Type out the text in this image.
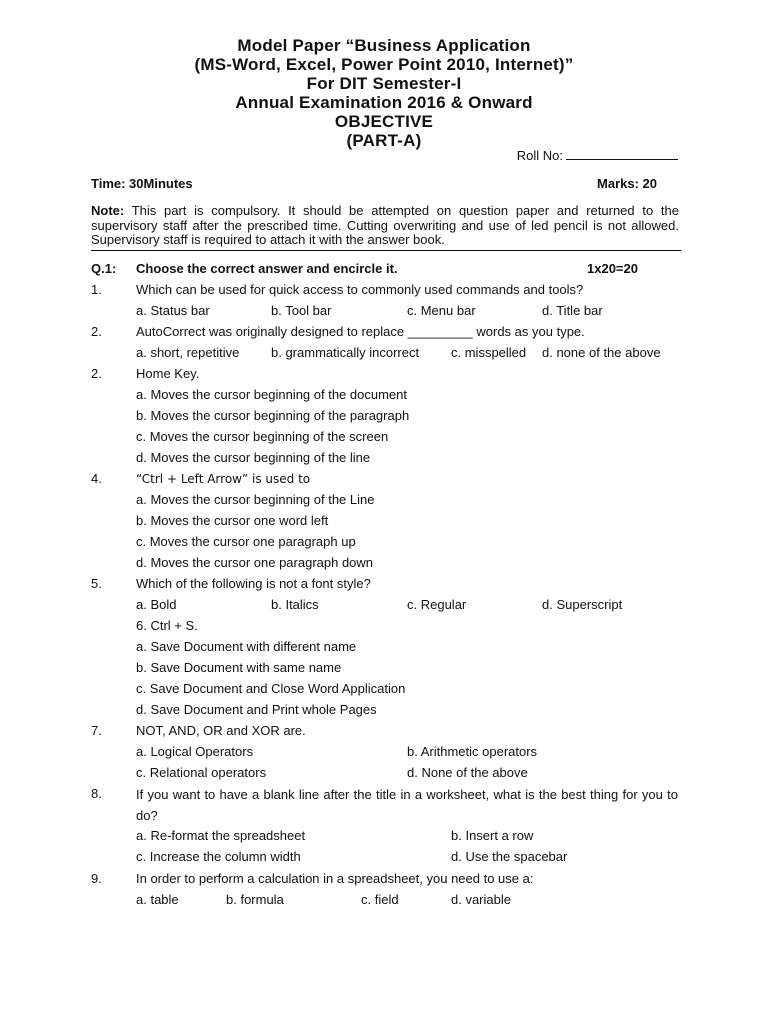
Model Paper “Business Application
(MS-Word, Excel, Power Point 2010, Internet)”
For DIT Semester-I
Annual Examination 2016 & Onward
OBJECTIVE
(PART-A)
Roll No:
Time: 30Minutes	Marks: 20
Note: This part is compulsory. It should be attempted on question paper and returned to the supervisory staff after the prescribed time. Cutting overwriting and use of led pencil is not allowed. Supervisory staff is required to attach it with the answer book.
Q.1: Choose the correct answer and encircle it.	1x20=20
1.	Which can be used for quick access to commonly used commands and tools?
a. Status bar	b. Tool bar	c. Menu bar	d. Title bar
2.	AutoCorrect was originally designed to replace _________ words as you type.
a. short, repetitive b. grammatically incorrect c. misspelled d. none of the above
2.	Home Key.
a. Moves the cursor beginning of the document
b. Moves the cursor beginning of the paragraph
c. Moves the cursor beginning of the screen
d. Moves the cursor beginning of the line
4.	“Ctrl + Left Arrow” is used to
a. Moves the cursor beginning of the Line
b. Moves the cursor one word left
c. Moves the cursor one paragraph up
d. Moves the cursor one paragraph down
5.	Which of the following is not a font style?
a. Bold	b. Italics	c. Regular	d. Superscript
6. Ctrl + S.
a. Save Document with different name
b. Save Document with same name
c. Save Document and Close Word Application
d. Save Document and Print whole Pages
7.	NOT, AND, OR and XOR are.
a. Logical Operators	b. Arithmetic operators
c. Relational operators	d. None of the above
8.	If you want to have a blank line after the title in a worksheet, what is the best thing for you to do?
a. Re-format the spreadsheet	b. Insert a row
c. Increase the column width	d. Use the spacebar
9.	In order to perform a calculation in a spreadsheet, you need to use a:
a. table	b. formula	c. field	d. variable
